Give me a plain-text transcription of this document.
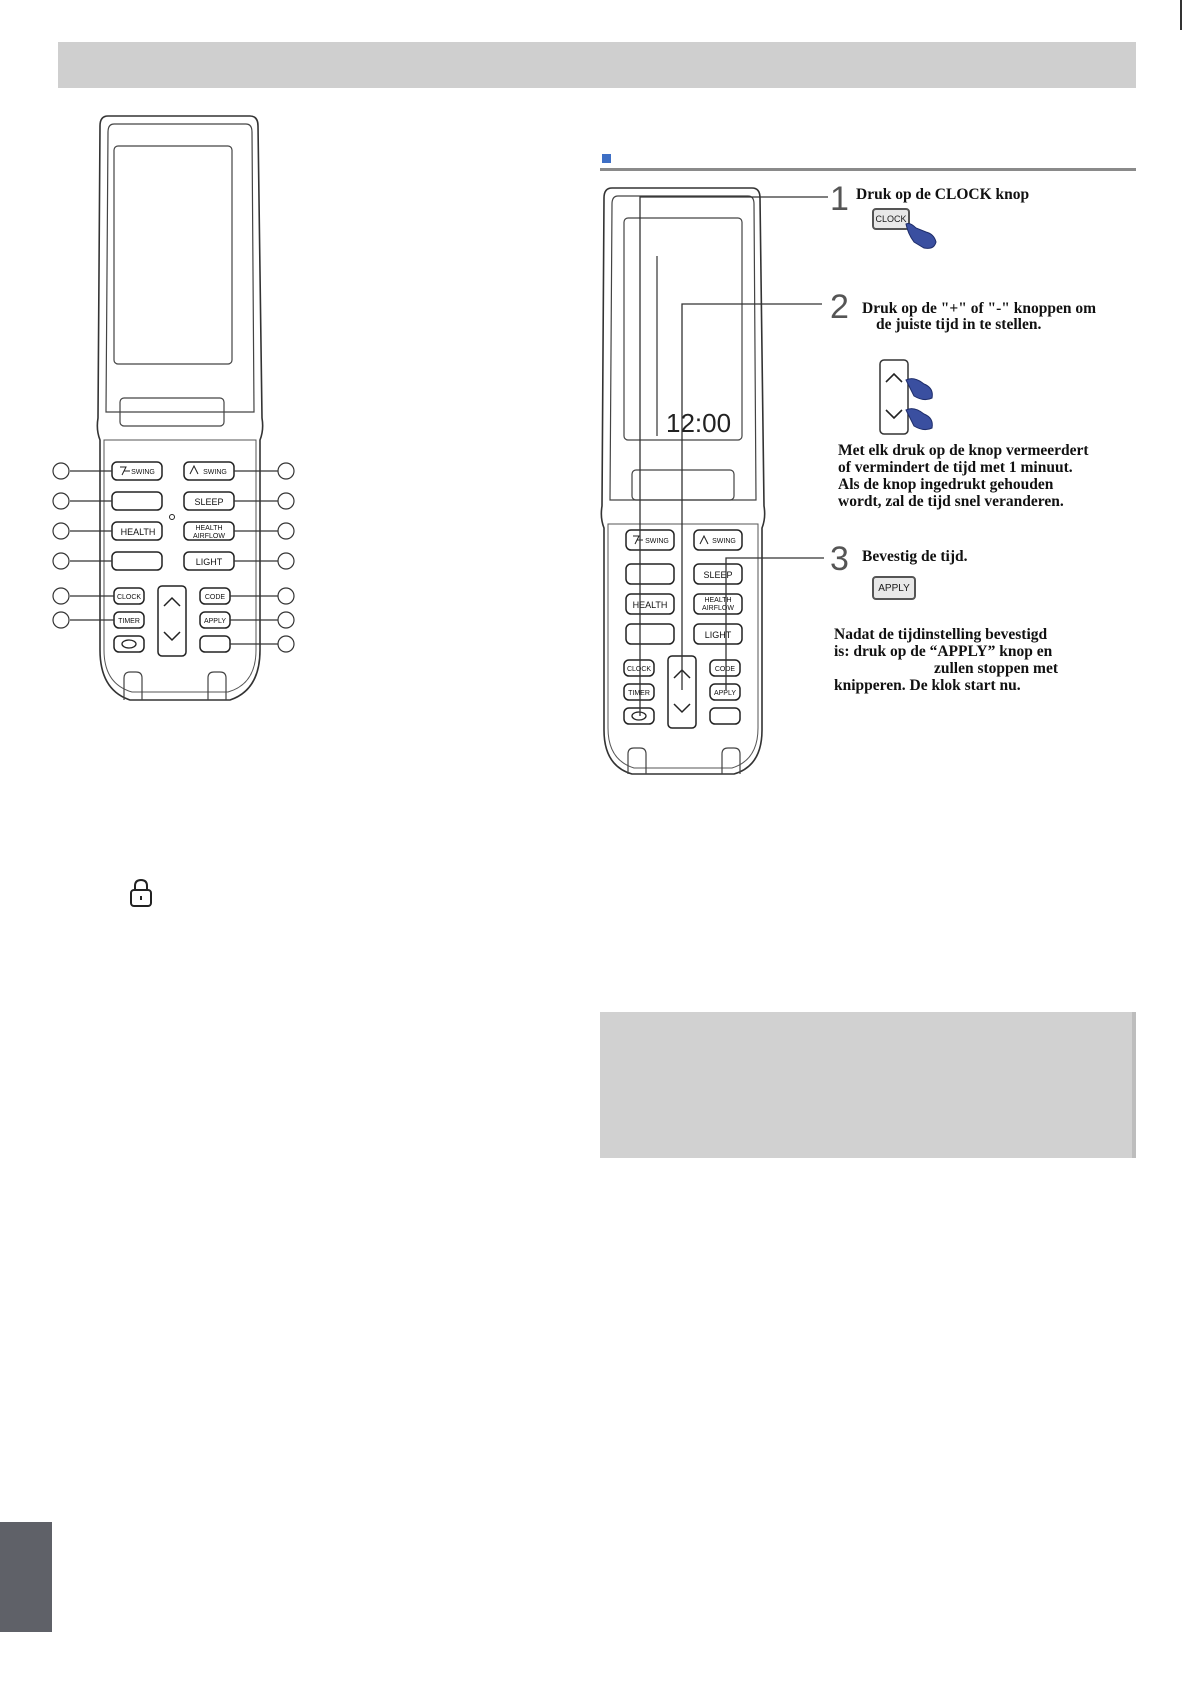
SWING	SWING
SLEEP
HEALTH
LIGHT
HEALTH
AIRFLOW
CLOCK	CODE
TIMER	APPLY
12:00
SWING	SWING
SLEEP
HEALTH
LIGHT
HEALTH
AIRFLOW
CLOCK	CODE
TIMER	APPLY
1 Druk op de CLOCK knop
CLOCK
2 Druk op de "+" of "-" knoppen om
de juiste tijd in te stellen.
Met elk druk op de knop vermeerdert
of vermindert de tijd met 1 minuut.
Als de knop ingedrukt gehouden
wordt, zal de tijd snel veranderen.
3 Bevestig de tijd.
APPLY
Nadat de tijdinstelling bevestigd
is: druk op de “APPLY” knop en
zullen stoppen met
knipperen. De klok start nu.
